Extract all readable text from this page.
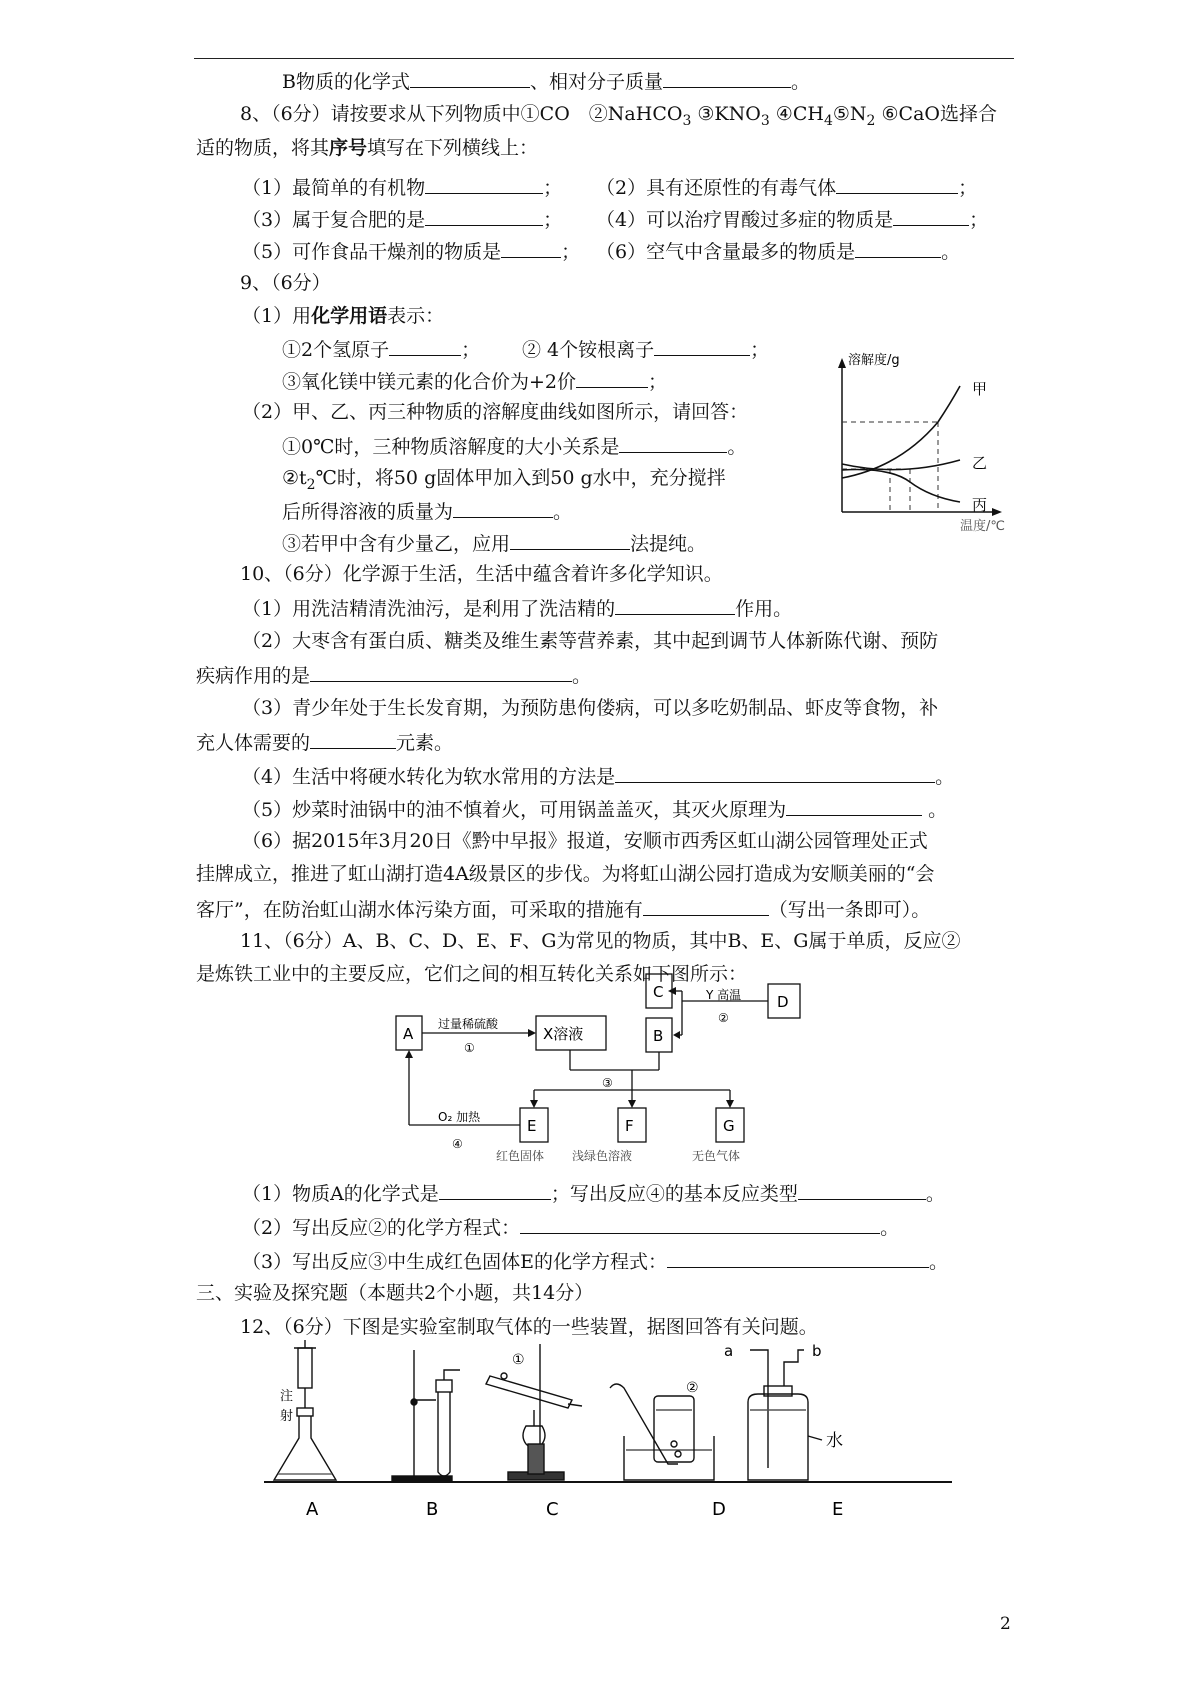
B物质的化学式	、相对分子质量	。
8、（6分）请按要求从下列物质中①CO　②NaHCO$_3$ $③KNO_3$ $④CH_4⑤N_2$ ⑥CaO选择合
适的物质，将其序号填写在下列横线上：
（1）最简单的有机物	； （2）具有还原性的有毒气体	；
（3）属于复合肥的是	； （4）可以治疗胃酸过多症的物质是	；
（5）可作食品干燥剂的物质是	； （6）空气中含量最多的物质是	。
9、（6分）
（1）用化学用语表示：
①2个氢原子	； ② 4个铵根离子	；
③氧化镁中镁元素的化合价为+2价	；
（2）甲、乙、丙三种物质的溶解度曲线如图所示，请回答：
①0℃时，三种物质溶解度的大小关系是	。
$②t_2℃$时，将50 g固体甲加入到50 g水中，充分搅拌
后所得溶液的质量为	。
③若甲中含有少量乙，应用	法提纯。
溶解度/g
温度/℃
甲
乙
丙
10、（6分）化学源于生活，生活中蕴含着许多化学知识。
（1）用洗洁精清洗油污，是利用了洗洁精的	作用。
（2）大枣含有蛋白质、糖类及维生素等营养素，其中起到调节人体新陈代谢、预防
疾病作用的是	。
（3）青少年处于生长发育期，为预防患佝偻病，可以多吃奶制品、虾皮等食物，补
充人体需要的	元素。
（4）生活中将硬水转化为软水常用的方法是	。
（5）炒菜时油锅中的油不慎着火，可用锅盖盖灭，其灭火原理为	。
（6）据2015年3月20日《黔中早报》报道，安顺市西秀区虹山湖公园管理处正式
挂牌成立，推进了虹山湖打造4A级景区的步伐。为将虹山湖公园打造成为安顺美丽的“会
客厅”，在防治虹山湖水体污染方面，可采取的措施有	（写出一条即可）。
11、（6分）A、B、C、D、E、F、G为常见的物质，其中B、E、G属于单质，反应②
是炼铁工业中的主要反应，它们之间的相互转化关系如下图所示：
A	X溶液	B
C
D
E	F	G
过量稀硫酸
①
Y 高温
②
③
O₂ 加热
④
红色固体 浅绿色溶液	无色气体
（1）物质A的化学式是	；写出反应④的基本反应类型	。
（2）写出反应②的化学方程式：	。
（3）写出反应③中生成红色固体E的化学方程式：	。
三、实验及探究题（本题共2个小题，共14分）
12、（6分）下图是实验室制取气体的一些装置，据图回答有关问题。
注
射
①
②
a	b
水
A	B	C	D	E
2
